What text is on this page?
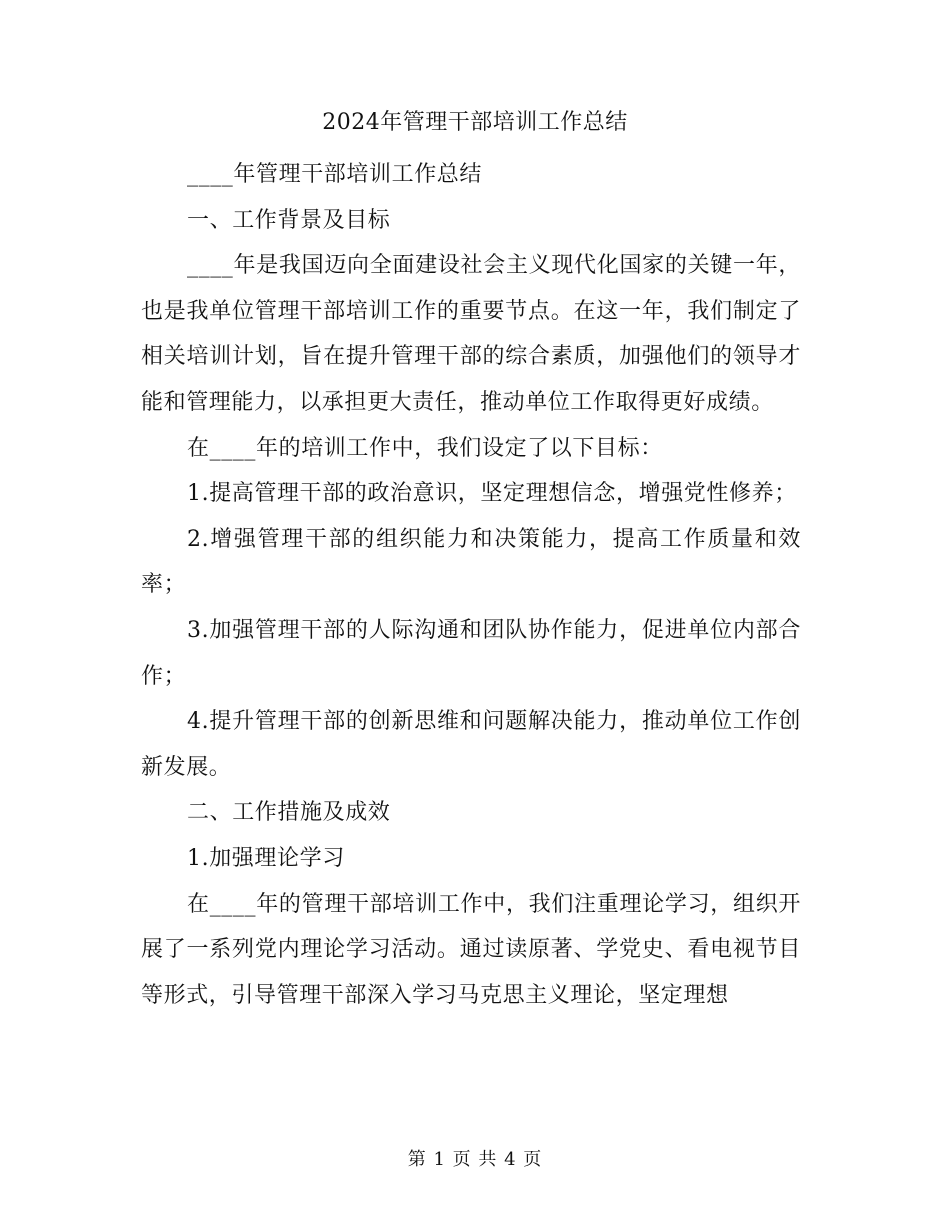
2024年管理干部培训工作总结

____年管理干部培训工作总结

一、工作背景及目标

____年是我国迈向全面建设社会主义现代化国家的关键一年，也是我单位管理干部培训工作的重要节点。在这一年，我们制定了相关培训计划，旨在提升管理干部的综合素质，加强他们的领导才能和管理能力，以承担更大责任，推动单位工作取得更好成绩。

在____年的培训工作中，我们设定了以下目标：

1.提高管理干部的政治意识，坚定理想信念，增强党性修养；

2.增强管理干部的组织能力和决策能力，提高工作质量和效率；

3.加强管理干部的人际沟通和团队协作能力，促进单位内部合作；

4.提升管理干部的创新思维和问题解决能力，推动单位工作创新发展。

二、工作措施及成效

1.加强理论学习

在____年的管理干部培训工作中，我们注重理论学习，组织开展了一系列党内理论学习活动。通过读原著、学党史、看电视节目等形式，引导管理干部深入学习马克思主义理论，坚定理想

第 1 页 共 4 页
